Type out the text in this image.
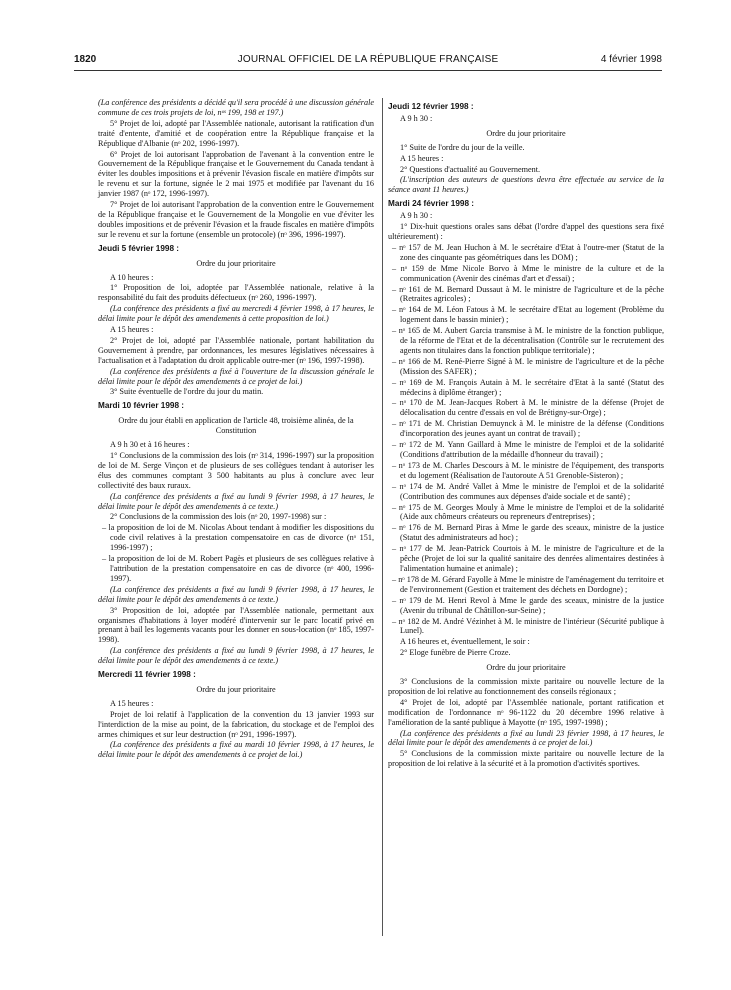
1820	JOURNAL OFFICIEL DE LA RÉPUBLIQUE FRANÇAISE	4 février 1998

(La conférence des présidents a décidé qu'il sera procédé à une discussion générale commune de ces trois projets de loi, nᵒˢ 199, 198 et 197.)

5° Projet de loi, adopté par l'Assemblée nationale, autorisant la ratification d'un traité d'entente, d'amitié et de coopération entre la République française et la République d'Albanie (nᵒ 202, 1996-1997).

6° Projet de loi autorisant l'approbation de l'avenant à la convention entre le Gouvernement de la République française et le Gouvernement du Canada tendant à éviter les doubles impositions et à prévenir l'évasion fiscale en matière d'impôts sur le revenu et sur la fortune, signée le 2 mai 1975 et modifiée par l'avenant du 16 janvier 1987 (nᵒ 172, 1996-1997).

7° Projet de loi autorisant l'approbation de la convention entre le Gouvernement de la République française et le Gouvernement de la Mongolie en vue d'éviter les doubles impositions et de prévenir l'évasion et la fraude fiscales en matière d'impôts sur le revenu et sur la fortune (ensemble un protocole) (nᵒ 396, 1996-1997).

Jeudi 5 février 1998 :

Ordre du jour prioritaire

A 10 heures :

1° Proposition de loi, adoptée par l'Assemblée nationale, relative à la responsabilité du fait des produits défectueux (nᵒ 260, 1996-1997).

(La conférence des présidents a fixé au mercredi 4 février 1998, à 17 heures, le délai limite pour le dépôt des amendements à cette proposition de loi.)

A 15 heures :

2° Projet de loi, adopté par l'Assemblée nationale, portant habilitation du Gouvernement à prendre, par ordonnances, les mesures législatives nécessaires à l'actualisation et à l'adaptation du droit applicable outre-mer (nᵒ 196, 1997-1998).

(La conférence des présidents a fixé à l'ouverture de la discussion générale le délai limite pour le dépôt des amendements à ce projet de loi.)

3° Suite éventuelle de l'ordre du jour du matin.

Mardi 10 février 1998 :

Ordre du jour établi en application de l'article 48, troisième alinéa, de la Constitution

A 9 h 30 et à 16 heures :

1° Conclusions de la commission des lois (nᵒ 314, 1996-1997) sur la proposition de loi de M. Serge Vinçon et de plusieurs de ses collègues tendant à autoriser les élus des communes comptant 3 500 habitants au plus à conclure avec leur collectivité des baux ruraux.

(La conférence des présidents a fixé au lundi 9 février 1998, à 17 heures, le délai limite pour le dépôt des amendements à ce texte.)

2° Conclusions de la commission des lois (nᵒ 20, 1997-1998) sur :

– la proposition de loi de M. Nicolas About tendant à modifier les dispositions du code civil relatives à la prestation compensatoire en cas de divorce (nᵒ 151, 1996-1997) ;

– la proposition de loi de M. Robert Pagès et plusieurs de ses collègues relative à l'attribution de la prestation compensatoire en cas de divorce (nᵒ 400, 1996-1997).

(La conférence des présidents a fixé au lundi 9 février 1998, à 17 heures, le délai limite pour le dépôt des amendements à ce texte.)

3° Proposition de loi, adoptée par l'Assemblée nationale, permettant aux organismes d'habitations à loyer modéré d'intervenir sur le parc locatif privé en prenant à bail les logements vacants pour les donner en sous-location (nᵒ 185, 1997-1998).

(La conférence des présidents a fixé au lundi 9 février 1998, à 17 heures, le délai limite pour le dépôt des amendements à ce texte.)

Mercredi 11 février 1998 :

Ordre du jour prioritaire

A 15 heures :

Projet de loi relatif à l'application de la convention du 13 janvier 1993 sur l'interdiction de la mise au point, de la fabrication, du stockage et de l'emploi des armes chimiques et sur leur destruction (nᵒ 291, 1996-1997).

(La conférence des présidents a fixé au mardi 10 février 1998, à 17 heures, le délai limite pour le dépôt des amendements à ce projet de loi.)

Jeudi 12 février 1998 :

A 9 h 30 :

Ordre du jour prioritaire

1° Suite de l'ordre du jour de la veille.

A 15 heures :

2° Questions d'actualité au Gouvernement.

(L'inscription des auteurs de questions devra être effectuée au service de la séance avant 11 heures.)

Mardi 24 février 1998 :

A 9 h 30 :

1° Dix-huit questions orales sans débat (l'ordre d'appel des questions sera fixé ultérieurement) :

– nᵒ 157 de M. Jean Huchon à M. le secrétaire d'Etat à l'outre-mer (Statut de la zone des cinquante pas géométriques dans les DOM) ;

– nᵒ 159 de Mme Nicole Borvo à Mme le ministre de la culture et de la communication (Avenir des cinémas d'art et d'essai) ;

– nᵒ 161 de M. Bernard Dussaut à M. le ministre de l'agriculture et de la pêche (Retraites agricoles) ;

– nᵒ 164 de M. Léon Fatous à M. le secrétaire d'Etat au logement (Problème du logement dans le bassin minier) ;

– nᵒ 165 de M. Aubert Garcia transmise à M. le ministre de la fonction publique, de la réforme de l'Etat et de la décentralisation (Contrôle sur le recrutement des agents non titulaires dans la fonction publique territoriale) ;

– nᵒ 166 de M. René-Pierre Signé à M. le ministre de l'agriculture et de la pêche (Mission des SAFER) ;

– nᵒ 169 de M. François Autain à M. le secrétaire d'Etat à la santé (Statut des médecins à diplôme étranger) ;

– nᵒ 170 de M. Jean-Jacques Robert à M. le ministre de la défense (Projet de délocalisation du centre d'essais en vol de Brétigny-sur-Orge) ;

– nᵒ 171 de M. Christian Demuynck à M. le ministre de la défense (Conditions d'incorporation des jeunes ayant un contrat de travail) ;

– nᵒ 172 de M. Yann Gaillard à Mme le ministre de l'emploi et de la solidarité (Conditions d'attribution de la médaille d'honneur du travail) ;

– nᵒ 173 de M. Charles Descours à M. le ministre de l'équipement, des transports et du logement (Réalisation de l'autoroute A 51 Grenoble-Sisteron) ;

– nᵒ 174 de M. André Vallet à Mme le ministre de l'emploi et de la solidarité (Contribution des communes aux dépenses d'aide sociale et de santé) ;

– nᵒ 175 de M. Georges Mouly à Mme le ministre de l'emploi et de la solidarité (Aide aux chômeurs créateurs ou repreneurs d'entreprises) ;

– nᵒ 176 de M. Bernard Piras à Mme le garde des sceaux, ministre de la justice (Statut des administrateurs ad hoc) ;

– nᵒ 177 de M. Jean-Patrick Courtois à M. le ministre de l'agriculture et de la pêche (Projet de loi sur la qualité sanitaire des denrées alimentaires destinées à l'alimentation humaine et animale) ;

– nᵒ 178 de M. Gérard Fayolle à Mme le ministre de l'aménagement du territoire et de l'environnement (Gestion et traitement des déchets en Dordogne) ;

– nᵒ 179 de M. Henri Revol à Mme le garde des sceaux, ministre de la justice (Avenir du tribunal de Châtillon-sur-Seine) ;

– nᵒ 182 de M. André Vézinhet à M. le ministre de l'intérieur (Sécurité publique à Lunel).

A 16 heures et, éventuellement, le soir :

2° Eloge funèbre de Pierre Croze.

Ordre du jour prioritaire

3° Conclusions de la commission mixte paritaire ou nouvelle lecture de la proposition de loi relative au fonctionnement des conseils régionaux ;

4° Projet de loi, adopté par l'Assemblée nationale, portant ratification et modification de l'ordonnance nᵒ 96-1122 du 20 décembre 1996 relative à l'amélioration de la santé publique à Mayotte (nᵒ 195, 1997-1998) ;

(La conférence des présidents a fixé au lundi 23 février 1998, à 17 heures, le délai limite pour le dépôt des amendements à ce projet de loi.)

5° Conclusions de la commission mixte paritaire ou nouvelle lecture de la proposition de loi relative à la sécurité et à la promotion d'activités sportives.
